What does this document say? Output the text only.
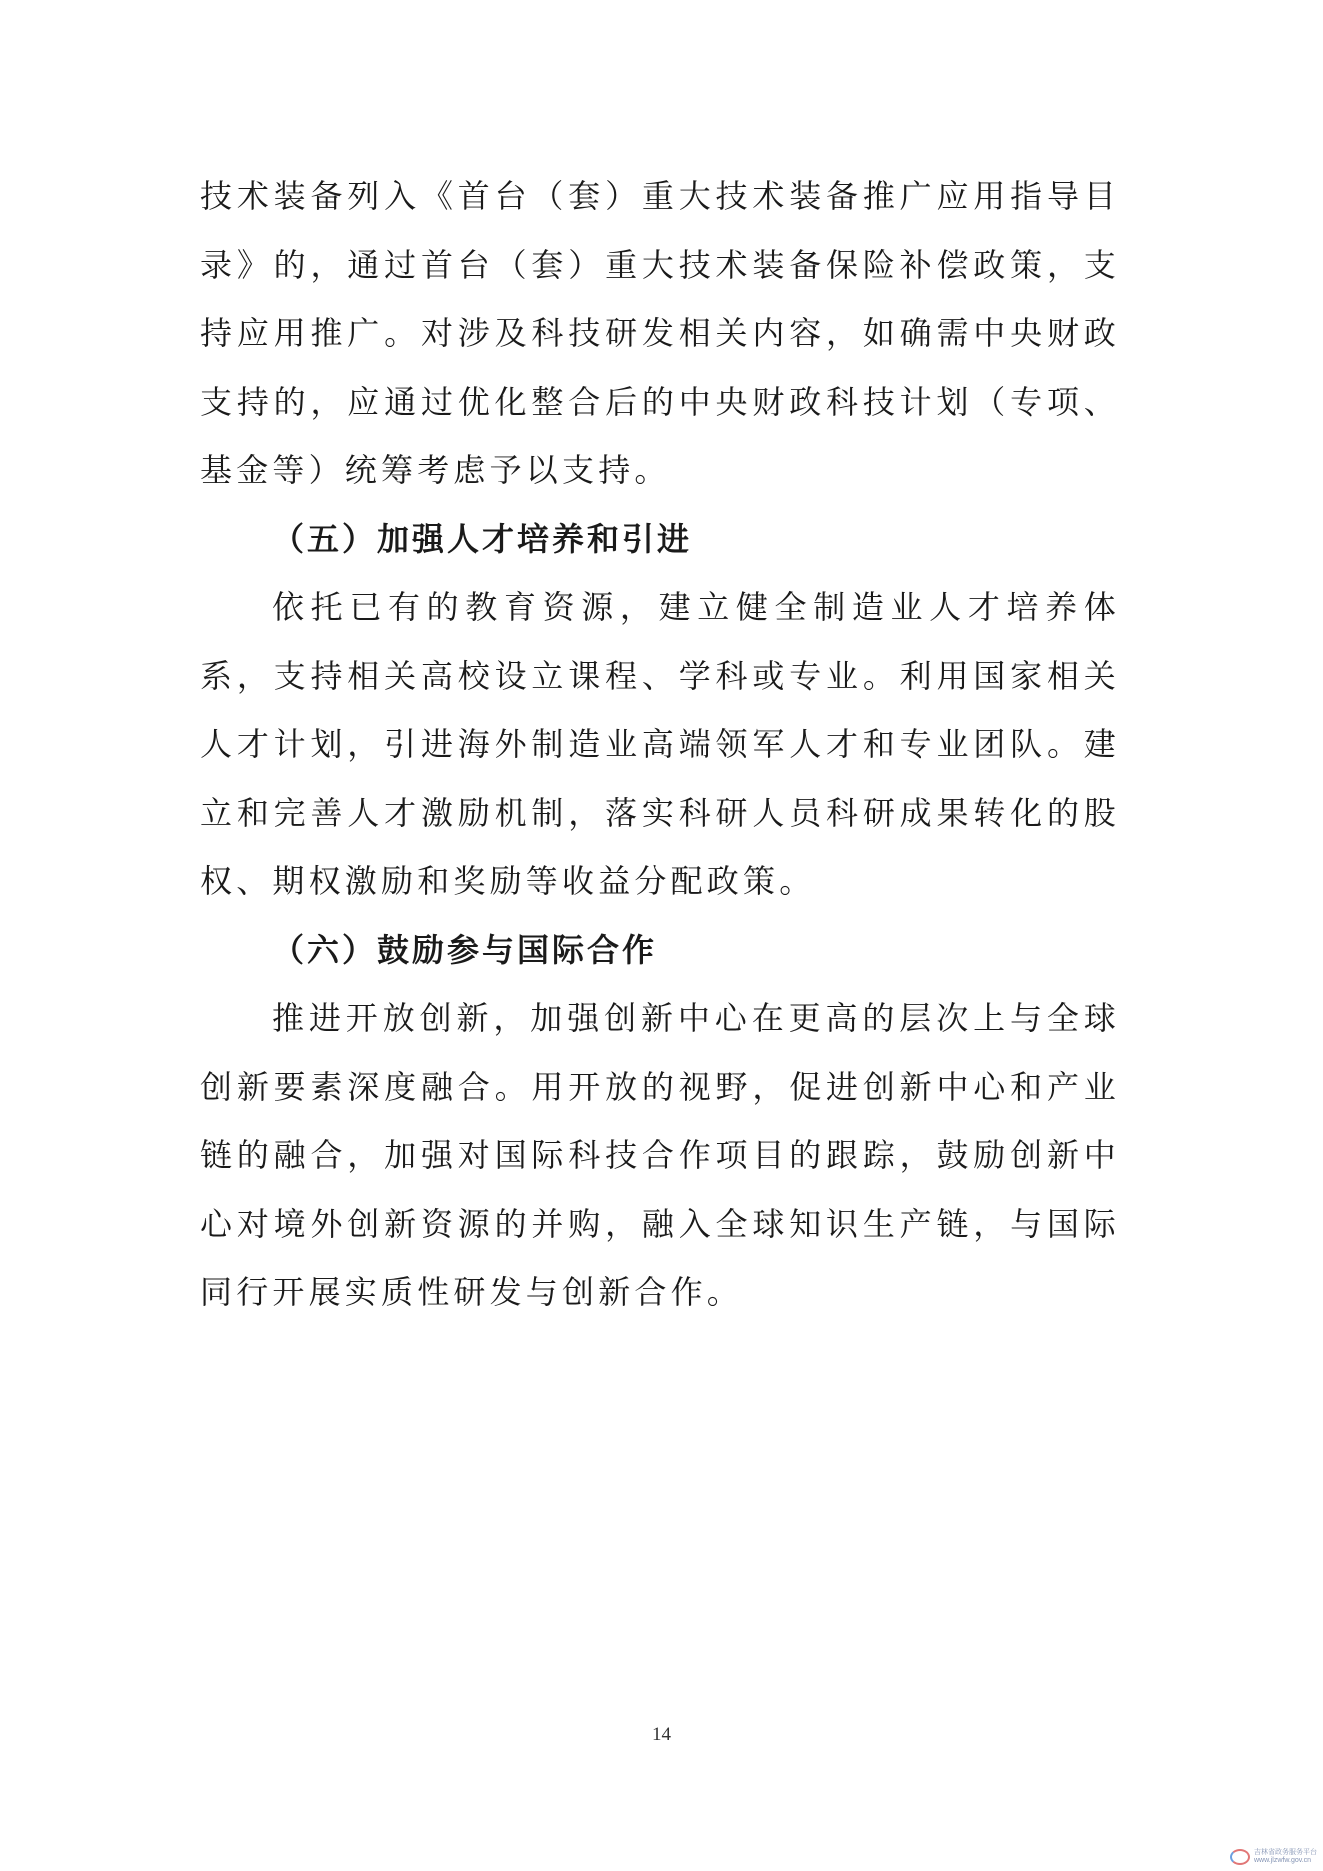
技术装备列入《首台（套）重大技术装备推广应用指导目录》的，通过首台（套）重大技术装备保险补偿政策，支持应用推广。对涉及科技研发相关内容，如确需中央财政支持的，应通过优化整合后的中央财政科技计划（专项、基金等）统筹考虑予以支持。

（五）加强人才培养和引进

依托已有的教育资源，建立健全制造业人才培养体系，支持相关高校设立课程、学科或专业。利用国家相关人才计划，引进海外制造业高端领军人才和专业团队。建立和完善人才激励机制，落实科研人员科研成果转化的股权、期权激励和奖励等收益分配政策。

（六）鼓励参与国际合作

推进开放创新，加强创新中心在更高的层次上与全球创新要素深度融合。用开放的视野，促进创新中心和产业链的融合，加强对国际科技合作项目的跟踪，鼓励创新中心对境外创新资源的并购，融入全球知识生产链，与国际同行开展实质性研发与创新合作。

14
吉林省政务服务平台
www.jlzwfw.gov.cn
